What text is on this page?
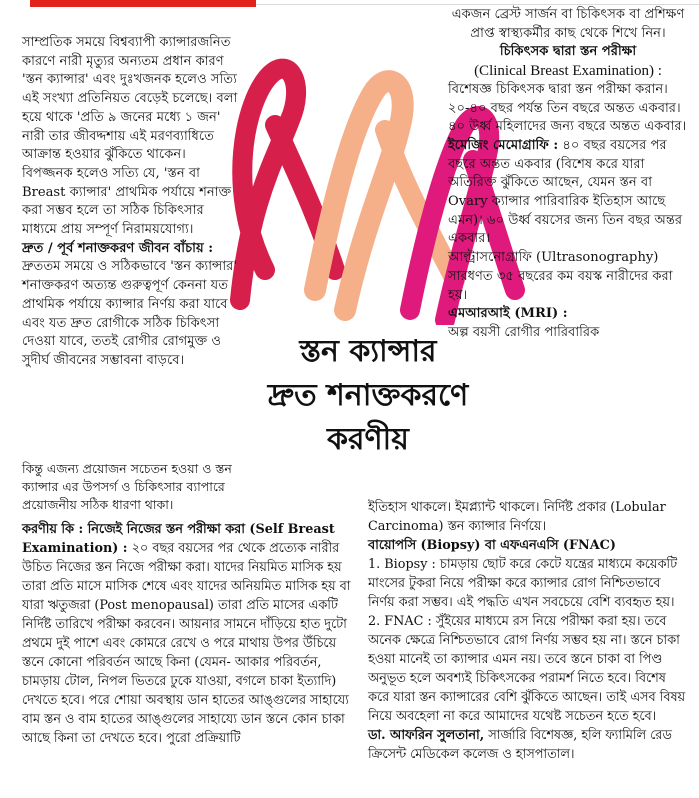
সাম্প্রতিক সময়ে বিশ্বব্যাপী ক্যান্সারজনিত কারণে নারী মৃত্যুর অন্যতম প্রধান কারণ 'স্তন ক্যান্সার' এবং দুঃখজনক হলেও সত্যি এই সংখ্যা প্রতিনিয়ত বেড়েই চলেছে। বলা হয়ে থাকে 'প্রতি ৯ জনের মধ্যে ১ জন' নারী তার জীবদ্দশায় এই মরণব্যাধিতে আক্রান্ত হওয়ার ঝুঁকিতে থাকেন।

বিপজ্জনক হলেও সত্যি যে, 'স্তন বা Breast ক্যান্সার' প্রাথমিক পর্যায়ে শনাক্ত করা সম্ভব হলে তা সঠিক চিকিৎসার মাধ্যমে প্রায় সম্পূর্ণ নিরাময়যোগ্য।

দ্রুত / পূর্ব শনাক্তকরণ জীবন বাঁচায় :

দ্রুততম সময়ে ও সঠিকভাবে 'স্তন ক্যান্সার' শনাক্তকরণ অত্যন্ত গুরুত্বপূর্ণ কেননা যত প্রাথমিক পর্যায়ে ক্যান্সার নির্ণয় করা যাবে এবং যত দ্রুত রোগীকে সঠিক চিকিৎসা দেওয়া যাবে, ততই রোগীর রোগমুক্ত ও সুদীর্ঘ জীবনের সম্ভাবনা বাড়বে।	স্তন ক্যান্সার
দ্রুত শনাক্তকরণে
করণীয়

একজন ব্রেস্ট সার্জন বা চিকিৎসক বা প্রশিক্ষণ প্রাপ্ত স্বাস্থ্যকর্মীর কাছ থেকে শিখে নিন।

চিকিৎসক দ্বারা স্তন পরীক্ষা

(Clinical Breast Examination) :

বিশেষজ্ঞ চিকিৎসক দ্বারা স্তন পরীক্ষা করান। ২০-৪০ বছর পর্যন্ত তিন বছরে অন্তত একবার। ৪০ উর্ধ্ব মহিলাদের জন্য বছরে অন্তত একবার।

ইমেজিং মেমোগ্রাফি : ৪০ বছর বয়সের পর বছরে অন্তত একবার (বিশেষ করে যারা অতিরিক্ত ঝুঁকিতে আছেন, যেমন স্তন বা Ovary ক্যান্সার পারিবারিক ইতিহাস আছে এমন)। ৬০ উর্ধ্ব বয়সের জন্য তিন বছর অন্তর একবার।

আল্ট্রাসনোগ্রাফি (Ultrasonography) সারধণত ৩৫ বছরের কম বয়স্ক নারীদের করা হয়।

এমআরআই (MRI) :

অল্প বয়সী রোগীর পারিবারিক

কিন্তু এজন্য প্রয়োজন সচেতন হওয়া ও স্তন ক্যান্সার এর উপসর্গ ও চিকিৎসার ব্যাপারে প্রয়োজনীয় সঠিক ধারণা থাকা।

করণীয় কি : নিজেই নিজের স্তন পরীক্ষা করা (Self Breast Examination) : ২০ বছর বয়সের পর থেকে প্রত্যেক নারীর উচিত নিজের স্তন নিজে পরীক্ষা করা। যাদের নিয়মিত মাসিক হয় তারা প্রতি মাসে মাসিক শেষে এবং যাদের অনিয়মিত মাসিক হয় বা যারা ঋতুজরা (Post menopausal) তারা প্রতি মাসের একটি নির্দিষ্ট তারিখে পরীক্ষা করবেন। আয়নার সামনে দাঁড়িয়ে হাত দুটো প্রথমে দুই পাশে এবং কোমরে রেখে ও পরে মাথায় উপর উঁচিয়ে স্তনে কোনো পরিবর্তন আছে কিনা (যেমন- আকার পরিবর্তন, চামড়ায় টোল, নিপল ভিতরে ঢুকে যাওয়া, বগলে চাকা ইত্যাদি) দেখতে হবে। পরে শোয়া অবস্থায় ডান হাতের আঙ্গুলের সাহায্যে বাম স্তন ও বাম হাতের আঙ্গুলের সাহায্যে ডান স্তনে কোন চাকা আছে কিনা তা দেখতে হবে। পুরো প্রক্রিয়াটি

ইতিহাস থাকলে। ইমপ্ল্যান্ট থাকলে। নির্দিষ্ট প্রকার (Lobular Carcinoma) স্তন ক্যান্সার নির্ণয়ে।

বায়োপসি (Biopsy) বা এফএনএসি (FNAC)

1. Biopsy : চামড়ায় ছোট করে কেটে যন্ত্রের মাধ্যমে কয়েকটি মাংসের টুকরা নিয়ে পরীক্ষা করে ক্যান্সার রোগ নিশ্চিতভাবে নির্ণয় করা সম্ভব। এই পদ্ধতি এখন সবচেয়ে বেশি ব্যবহৃত হয়।

2. FNAC : সুঁইয়ের মাধ্যমে রস নিয়ে পরীক্ষা করা হয়। তবে অনেক ক্ষেত্রে নিশ্চিতভাবে রোগ নির্ণয় সম্ভব হয় না। স্তনে চাকা হওয়া মানেই তা ক্যান্সার এমন নয়। তবে স্তনে চাকা বা পিণ্ড অনুভূত হলে অবশ্যই চিকিৎসকের পরামর্শ নিতে হবে। বিশেষ করে যারা স্তন ক্যান্সারের বেশি ঝুঁকিতে আছেন। তাই এসব বিষয় নিয়ে অবহেলা না করে আমাদের যথেষ্ট সচেতন হতে হবে।

ডা. আফরিন সুলতানা, সার্জারি বিশেষজ্ঞ, হলি ফ্যামিলি রেড ক্রিসেন্ট মেডিকেল কলেজ ও হাসপাতাল।
